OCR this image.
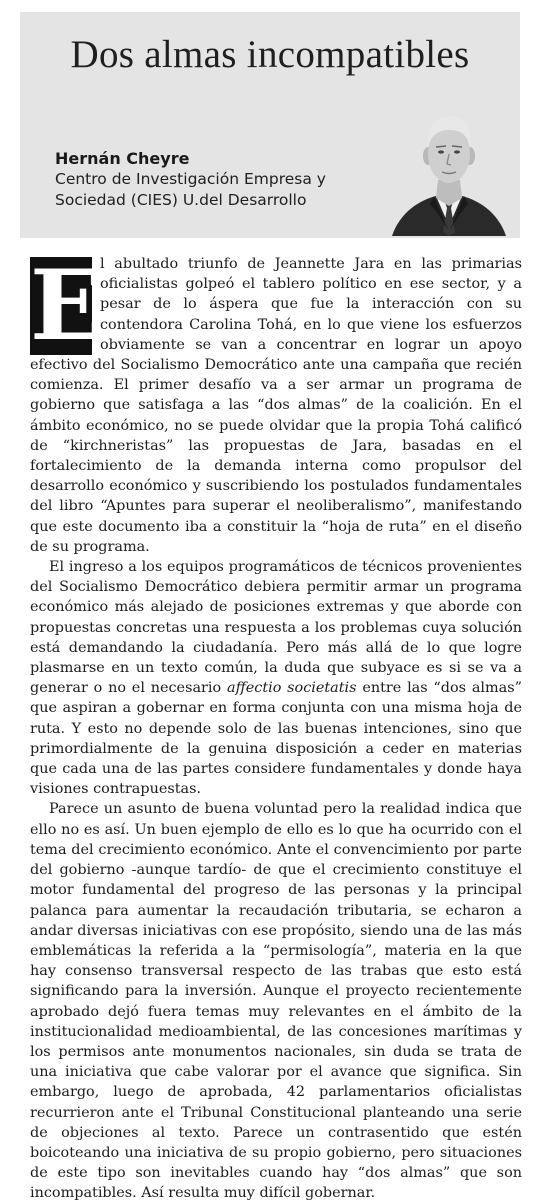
Dos almas incompatibles
Hernán Cheyre
Centro de Investigación Empresa y Sociedad (CIES) U.del Desarrollo

E
l abultado triunfo de Jeannette Jara en las primarias oficialistas golpeó el tablero político en ese sector, y a pesar de lo áspera que fue la interacción con su contendora Carolina Tohá, en lo que viene los esfuerzos obviamente se van a concentrar en lograr un apoyo efectivo del Socialismo Democrático ante una campaña que recién comienza. El primer desafío va a ser armar un programa de gobierno que satisfaga a las “dos almas” de la coalición. En el ámbito económico, no se puede olvidar que la propia Tohá calificó de “kirchneristas” las propuestas de Jara, basadas en el fortalecimiento de la demanda interna como propulsor del desarrollo económico y suscribiendo los postulados fundamentales del libro “Apuntes para superar el neoliberalismo”, manifestando que este documento iba a constituir la “hoja de ruta” en el diseño de su programa.

El ingreso a los equipos programáticos de técnicos provenientes del Socialismo Democrático debiera permitir armar un programa económico más alejado de posiciones extremas y que aborde con propuestas concretas una respuesta a los problemas cuya solución está demandando la ciudadanía. Pero más allá de lo que logre plasmarse en un texto común, la duda que subyace es si se va a generar o no el necesario affectio societatis entre las “dos almas” que aspiran a gobernar en forma conjunta con una misma hoja de ruta. Y esto no depende solo de las buenas intenciones, sino que primordialmente de la genuina disposición a ceder en materias que cada una de las partes considere fundamentales y donde haya visiones contrapuestas.

Parece un asunto de buena voluntad pero la realidad indica que ello no es así. Un buen ejemplo de ello es lo que ha ocurrido con el tema del crecimiento económico. Ante el convencimiento por parte del gobierno -aunque tardío- de que el crecimiento constituye el motor fundamental del progreso de las personas y la principal palanca para aumentar la recaudación tributaria, se echaron a andar diversas iniciativas con ese propósito, siendo una de las más emblemáticas la referida a la “permisología”, materia en la que hay consenso transversal respecto de las trabas que esto está significando para la inversión. Aunque el proyecto recientemente aprobado dejó fuera temas muy relevantes en el ámbito de la institucionalidad medioambiental, de las concesiones marítimas y los permisos ante monumentos nacionales, sin duda se trata de una iniciativa que cabe valorar por el avance que significa. Sin embargo, luego de aprobada, 42 parlamentarios oficialistas recurrieron ante el Tribunal Constitucional planteando una serie de objeciones al texto. Parece un contrasentido que estén boicoteando una iniciativa de su propio gobierno, pero situaciones de este tipo son inevitables cuando hay “dos almas” que son incompatibles. Así resulta muy difícil gobernar.
